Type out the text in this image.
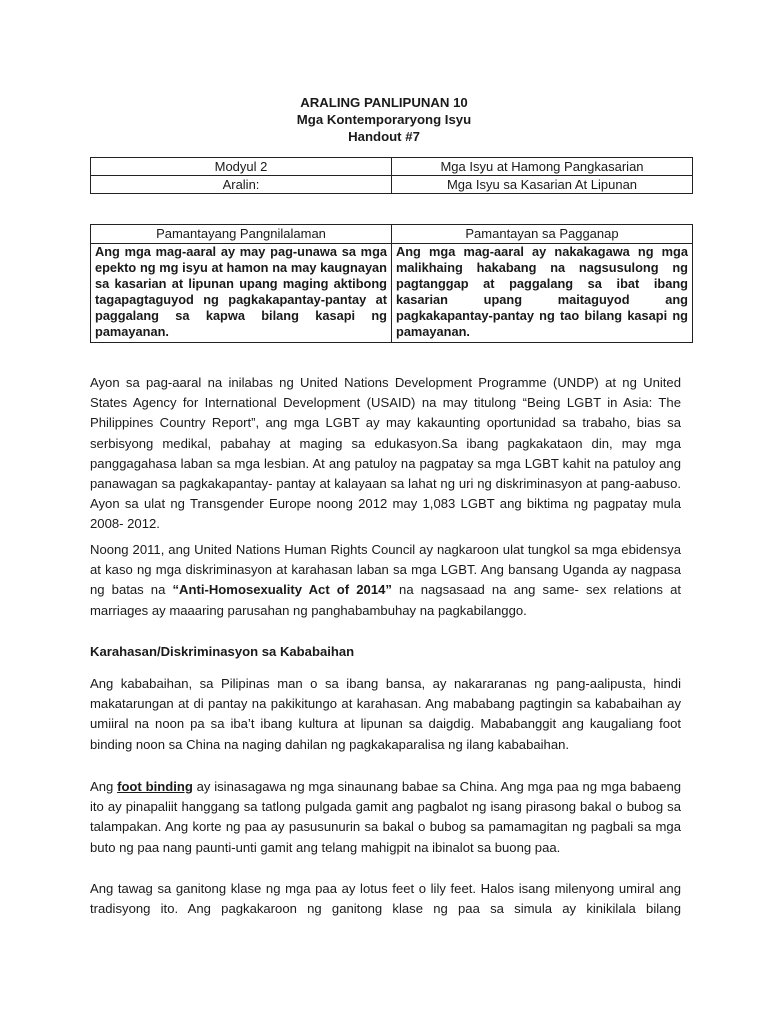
ARALING PANLIPUNAN 10
Mga Kontemporaryong Isyu
Handout #7
Modyul 2	Mga Isyu at Hamong Pangkasarian
Aralin:	Mga Isyu sa Kasarian At Lipunan
Pamantayang Pangnilalaman	Pamantayan sa Pagganap
Ang mga mag-aaral ay may pag-unawa sa mga epekto ng mg isyu at hamon na may kaugnayan sa kasarian at lipunan upang maging aktibong tagapagtaguyod ng pagkakapantay-pantay at paggalang sa kapwa bilang kasapi ng pamayanan.	Ang mga mag-aaral ay nakakagawa ng mga malikhaing hakabang na nagsusulong ng pagtanggap at paggalang sa ibat ibang kasarian upang maitaguyod ang pagkakapantay-pantay ng tao bilang kasapi ng pamayanan.

Ayon sa pag-aaral na inilabas ng United Nations Development Programme (UNDP) at ng United States Agency for International Development (USAID) na may titulong “Being LGBT in Asia: The Philippines Country Report”, ang mga LGBT ay may kakaunting oportunidad sa trabaho, bias sa serbisyong medikal, pabahay at maging sa edukasyon.Sa ibang pagkakataon din, may mga panggagahasa laban sa mga lesbian. At ang patuloy na pagpatay sa mga LGBT kahit na patuloy ang panawagan sa pagkakapantay- pantay at kalayaan sa lahat ng uri ng diskriminasyon at pang-aabuso. Ayon sa ulat ng Transgender Europe noong 2012 may 1,083 LGBT ang biktima ng pagpatay mula 2008- 2012.

Noong 2011, ang United Nations Human Rights Council ay nagkaroon ulat tungkol sa mga ebidensya at kaso ng mga diskriminasyon at karahasan laban sa mga LGBT. Ang bansang Uganda ay nagpasa ng batas na “Anti-Homosexuality Act of 2014” na nagsasaad na ang same- sex relations at marriages ay maaaring parusahan ng panghabambuhay na pagkabilanggo.

Karahasan/Diskriminasyon sa Kababaihan

Ang kababaihan, sa Pilipinas man o sa ibang bansa, ay nakararanas ng pang-aalipusta, hindi makatarungan at di pantay na pakikitungo at karahasan. Ang mababang pagtingin sa kababaihan ay umiiral na noon pa sa iba’t ibang kultura at lipunan sa daigdig. Mababanggit ang kaugaliang foot binding noon sa China na naging dahilan ng pagkakaparalisa ng ilang kababaihan.

Ang foot binding ay isinasagawa ng mga sinaunang babae sa China. Ang mga paa ng mga babaeng ito ay pinapaliit hanggang sa tatlong pulgada gamit ang pagbalot ng isang pirasong bakal o bubog sa talampakan. Ang korte ng paa ay pasusunurin sa bakal o bubog sa pamamagitan ng pagbali sa mga buto ng paa nang paunti-unti gamit ang telang mahigpit na ibinalot sa buong paa.

Ang tawag sa ganitong klase ng mga paa ay lotus feet o lily feet. Halos isang milenyong umiral ang tradisyong ito. Ang pagkakaroon ng ganitong klase ng paa sa simula ay kinikilala bilang
